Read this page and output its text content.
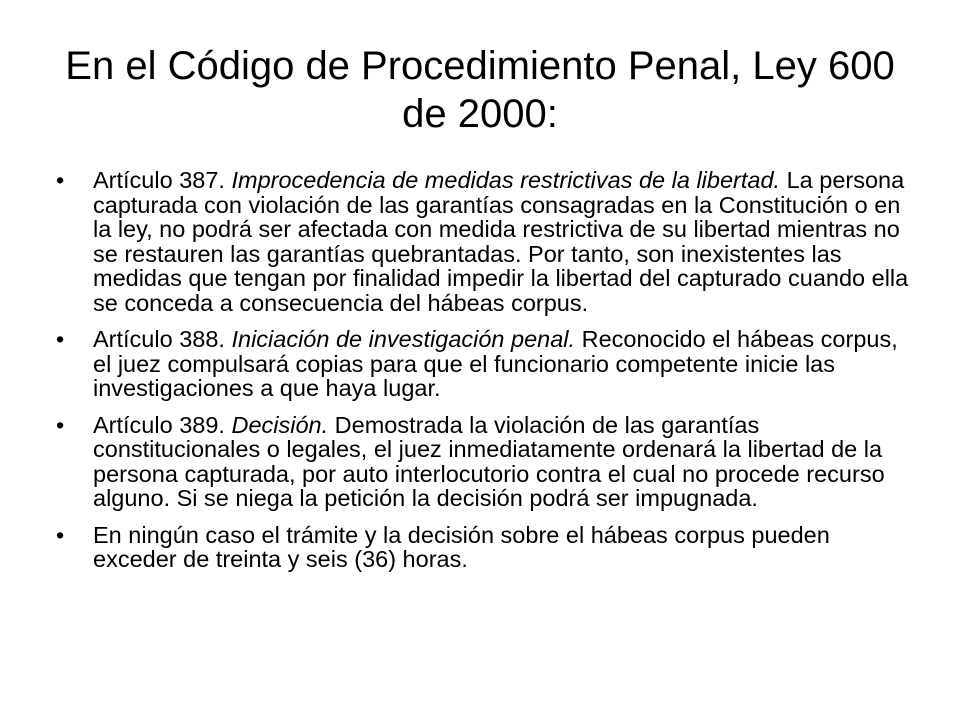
En el Código de Procedimiento Penal, Ley 600 de 2000:
• Artículo 387. Improcedencia de medidas restrictivas de la libertad. La persona capturada con violación de las garantías consagradas en la Constitución o en la ley, no podrá ser afectada con medida restrictiva de su libertad mientras no se restauren las garantías quebrantadas. Por tanto, son inexistentes las medidas que tengan por finalidad impedir la libertad del capturado cuando ella se conceda a consecuencia del hábeas corpus.
• Artículo 388. Iniciación de investigación penal. Reconocido el hábeas corpus, el juez compulsará copias para que el funcionario competente inicie las investigaciones a que haya lugar.
• Artículo 389. Decisión. Demostrada la violación de las garantías constitucionales o legales, el juez inmediatamente ordenará la libertad de la persona capturada, por auto interlocutorio contra el cual no procede recurso alguno. Si se niega la petición la decisión podrá ser impugnada.
• En ningún caso el trámite y la decisión sobre el hábeas corpus pueden exceder de treinta y seis (36) horas.
